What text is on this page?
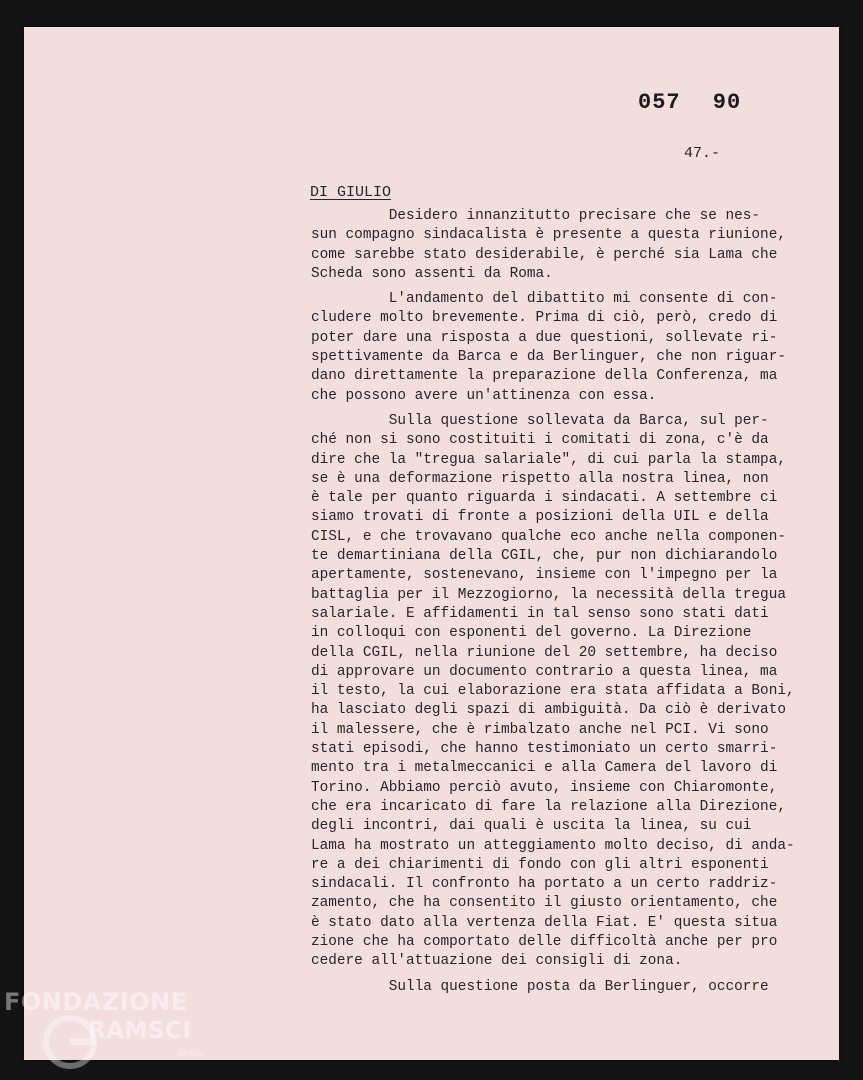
057 90
47.-
DI GIULIO
Desidero innanzitutto precisare che se nes-
sun compagno sindacalista è presente a questa riunione,
come sarebbe stato desiderabile, è perché sia Lama che
Scheda sono assenti da Roma.
L'andamento del dibattito mi consente di con-
cludere molto brevemente. Prima di ciò, però, credo di
poter dare una risposta a due questioni, sollevate ri-
spettivamente da Barca e da Berlinguer, che non riguar-
dano direttamente la preparazione della Conferenza, ma
che possono avere un'attinenza con essa.
Sulla questione sollevata da Barca, sul per-
ché non si sono costituiti i comitati di zona, c'è da
dire che la "tregua salariale", di cui parla la stampa,
se è una deformazione rispetto alla nostra linea, non
è tale per quanto riguarda i sindacati. A settembre ci
siamo trovati di fronte a posizioni della UIL e della
CISL, e che trovavano qualche eco anche nella componen-
te demartiniana della CGIL, che, pur non dichiarandolo
apertamente, sostenevano, insieme con l'impegno per la
battaglia per il Mezzogiorno, la necessità della tregua
salariale. E affidamenti in tal senso sono stati dati
in colloqui con esponenti del governo. La Direzione
della CGIL, nella riunione del 20 settembre, ha deciso
di approvare un documento contrario a questa linea, ma
il testo, la cui elaborazione era stata affidata a Boni,
ha lasciato degli spazi di ambiguità. Da ciò è derivato
il malessere, che è rimbalzato anche nel PCI. Vi sono
stati episodi, che hanno testimoniato un certo smarri-
mento tra i metalmeccanici e alla Camera del lavoro di
Torino. Abbiamo perciò avuto, insieme con Chiaromonte,
che era incaricato di fare la relazione alla Direzione,
degli incontri, dai quali è uscita la linea, su cui
Lama ha mostrato un atteggiamento molto deciso, di anda-
re a dei chiarimenti di fondo con gli altri esponenti
sindacali. Il confronto ha portato a un certo raddriz-
zamento, che ha consentito il giusto orientamento, che
è stato dato alla vertenza della Fiat. E' questa situa
zione che ha comportato delle difficoltà anche per pro
cedere all'attuazione dei consigli di zona.
Sulla questione posta da Berlinguer, occorre
FONDAZIONE
RAMSCI
onlus
